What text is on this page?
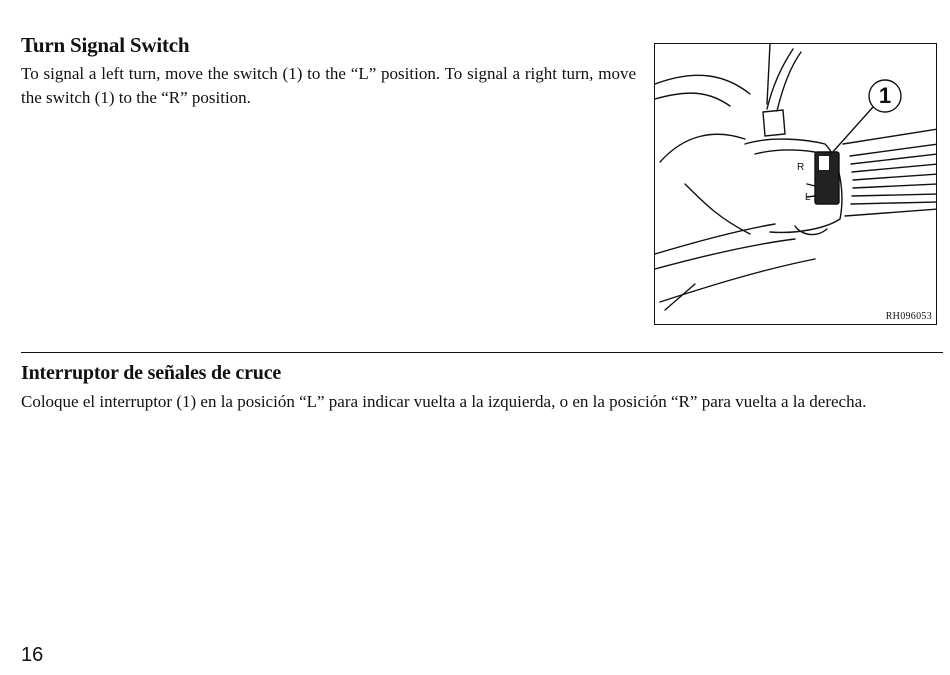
Turn Signal Switch
To signal a left turn, move the switch (1) to the “L” position. To signal a right turn, move the switch (1) to the “R” position.	1
R
L
RH096053
Interruptor de señales de cruce
Coloque el interruptor (1) en la posición “L” para indicar vuelta a la izquierda, o en la posición “R” para vuelta a la derecha.
16
